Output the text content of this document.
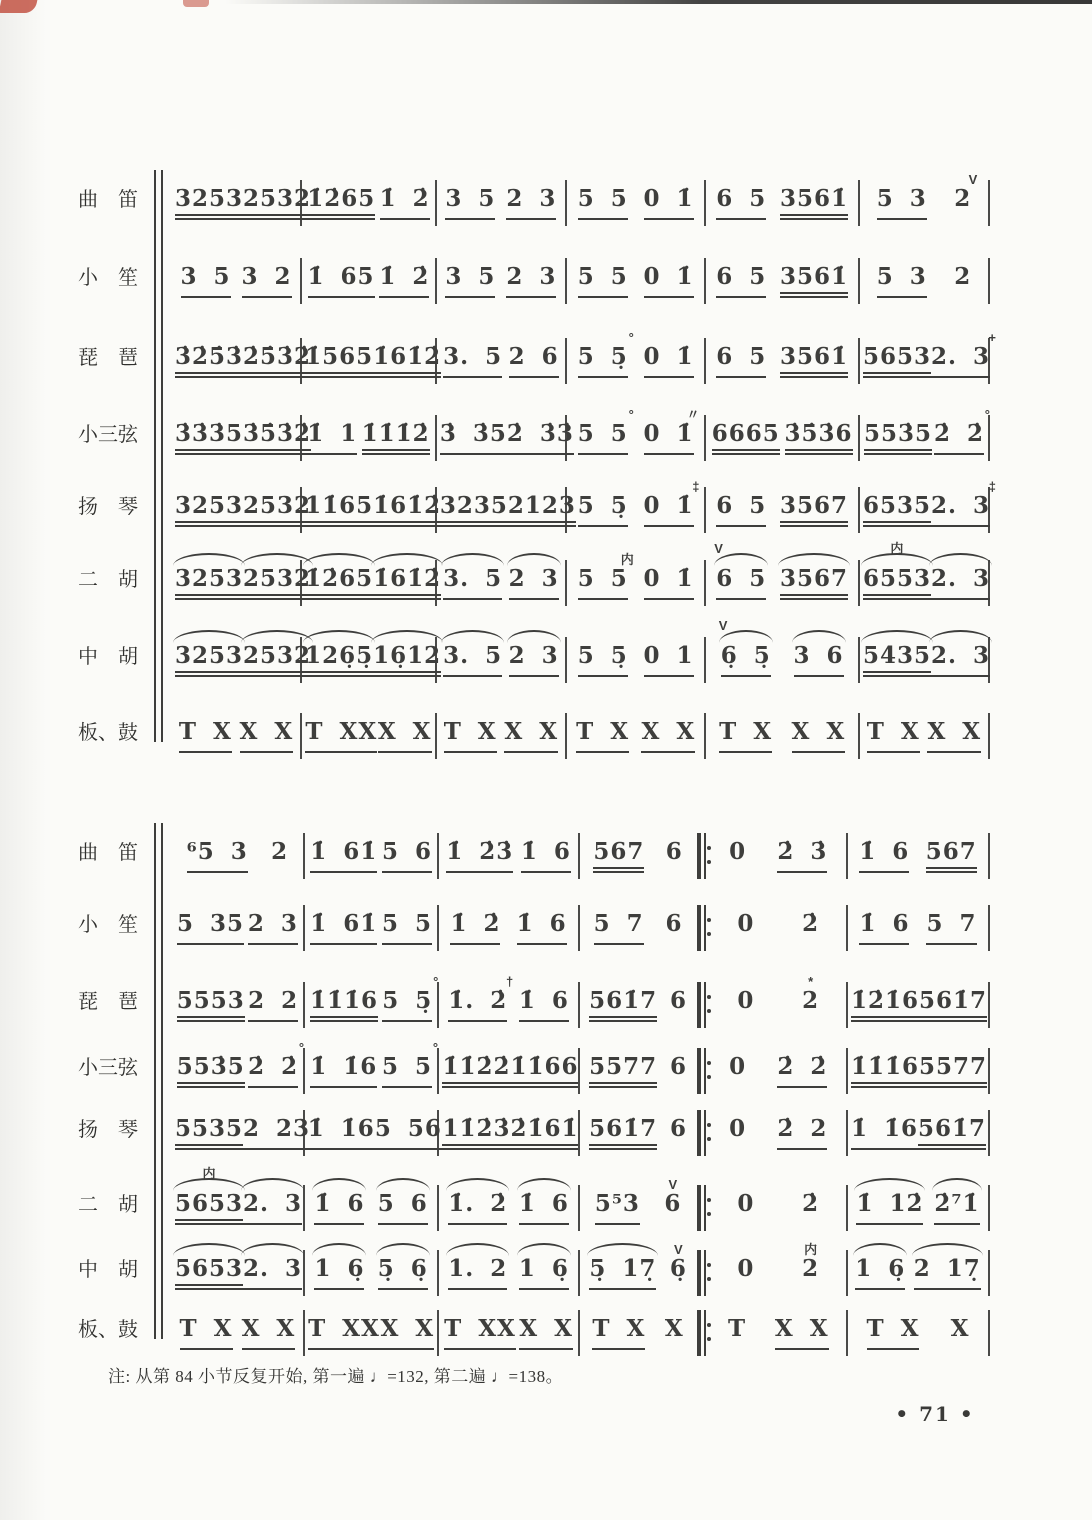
曲　笛	3253 2532
1̇2̇65 1̇ 2̇ 3 5 2 3 5 5 0 1̇ 6 5 3561̇ 5 3 2
V
小　笙	3 5 3 2 1̇ 65 1̇ 2̇ 3 5 2 3 5 5 0 1̇ 6 5 3561̇ 5 3 2
琵　琶	3̇2̇5̇3̇ 2̇5̇3̇2̇
1̇565 1̇61̇2̇ 3. 5 2 6 5 5̣
°
0 1̇ 6 5 3561̇ 5653 2. 3
+
小三弦	3̇3̇3̇5 3̇5̇3̇2̇
1̇ 1 1̇1̇1̇2̇ 3̇ 3̇5 2̇ 3̇3̇ 5 5
°
0 1̇
〃
6665 3̇5̇3̇6 553̇5 2̇ 2̇
°
扬　琴	3253 2532
11̇65 1̇61̇2̇
3235 2123 5 5̣ 0 1̇
‡
6 5 3567 6535 2. 3
‡
二　胡	3253 2532
1̇2̇65 1̇61̇2̇ 3. 5 2 3 5 5
内
0 1̇ 6 5
V
3567 6553
内
2. 3
中　胡	3253 2532
126̣5̣ 16̣12 3. 5 2 3 5 5̣ 0 1 6̣ 5̣
V
3 6 5435 2. 3
板、鼓	T X X X T XX X X T X X X T X X X T X X X T X X X
曲　笛	⁶5 3 2 1̇ 61̇ 5 6 1̇ 2̇3̇ 1̇ 6 567 6 0 2̇ 3̇ 1̇ 6 567
小　笙	5 35 2 3 1̇ 61̇ 5 5 1̇ 2̇ 1̇ 6 5 7 6 0 2̇ 1̇ 6 5 7
琵　琶	5553 2 2 1̇1̇1̇6 5 5̣
°
1̇. 2̇
†
1̇ 6 561̇7 6 0 2
*
1̇2̇1̇6 561̇7
小三弦	553̇5 2̇ 2̇
°
1̇ 1̇6 5 5
°
1̇1̇2̇2̇ 1̇1̇66 5577 6 0 2̇ 2̇ 1̇1̇1̇6 5577
扬　琴	5535 2 23
1̇ 1̇6 5 56 11̇2̇3̇ 2̇1̇61̇ 561̇7 6 0 2̇ 2 1̇ 1̇6 561̇7
二　胡	5653
内
2. 3 1̇ 6 5 6 1̇. 2̇ 1̇ 6 5⁵3 6
V
0 2̇ 1̇ 12̇ 2̇⁷1̇
中　胡	5653 2. 3 1 6̣ 5̣ 6̣ 1. 2 1 6̣ 5̣ 17̣ 6̣
V
0 2
内
1 6̣ 2 17̣
板、鼓	T X X X T XX X X T XX X X T X X T X X T X X
注: 从第 84 小节反复开始, 第一遍 ♩=132, 第二遍 ♩=138。
• 71 •
